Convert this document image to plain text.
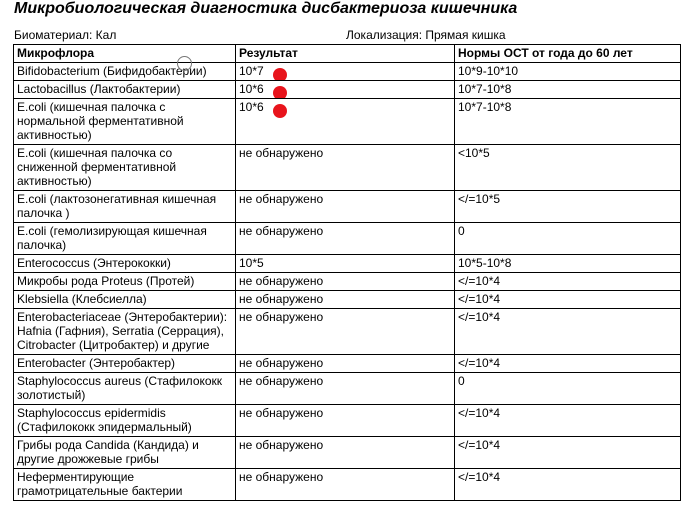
Микробиологическая диагностика дисбактериоза кишечника
Биоматериал: Кал	Локализация: Прямая кишка
Микрофлора	Результат	Нормы ОСТ от года до 60 лет
Bifidobacterium (Бифидобактерии)	10*7	10*9-10*10
Lactobacillus (Лактобактерии)	10*6	10*7-10*8
E.coli (кишечная палочка с нормальной ферментативной активностью)	10*6	10*7-10*8
E.coli (кишечная палочка со сниженной ферментативной активностью)	не обнаружено	<10*5
E.coli (лактозонегативная кишечная палочка )	не обнаружено	</=10*5
E.coli (гемолизирующая кишечная палочка)	не обнаружено	0
Enterococcus (Энтерококки)	10*5	10*5-10*8
Микробы рода Proteus (Протей)	не обнаружено	</=10*4
Klebsiella (Клебсиелла)	не обнаружено	</=10*4
Enterobacteriaceae (Энтеробактерии): Hafnia (Гафния), Serratia (Серрация), Citrobacter (Цитробактер) и другие	не обнаружено	</=10*4
Enterobacter (Энтеробактер)	не обнаружено	</=10*4
Staphylococcus aureus (Стафилококк золотистый)	не обнаружено	0
Staphylococcus epidermidis (Стафилококк эпидермальный)	не обнаружено	</=10*4
Грибы рода Candida (Кандида) и другие дрожжевые грибы	не обнаружено	</=10*4
Неферментирующие грамотрицательные бактерии	не обнаружено	</=10*4
